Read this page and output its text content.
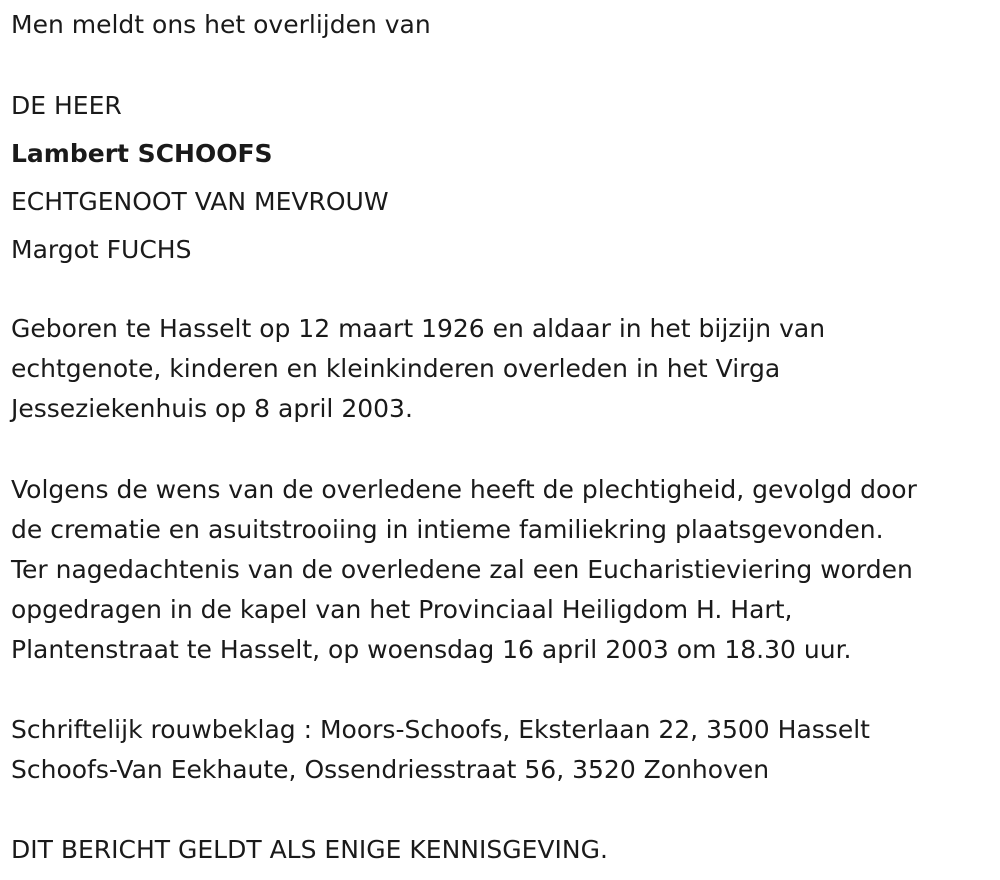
Men meldt ons het overlijden van
DE HEER
Lambert SCHOOFS
ECHTGENOOT VAN MEVROUW
Margot FUCHS
Geboren te Hasselt op 12 maart 1926 en aldaar in het bijzijn van
echtgenote, kinderen en kleinkinderen overleden in het Virga
Jesseziekenhuis op 8 april 2003.
Volgens de wens van de overledene heeft de plechtigheid, gevolgd door
de crematie en asuitstrooiing in intieme familiekring plaatsgevonden.
Ter nagedachtenis van de overledene zal een Eucharistieviering worden
opgedragen in de kapel van het Provinciaal Heiligdom H. Hart,
Plantenstraat te Hasselt, op woensdag 16 april 2003 om 18.30 uur.
Schriftelijk rouwbeklag : Moors-Schoofs, Eksterlaan 22, 3500 Hasselt
Schoofs-Van Eekhaute, Ossendriesstraat 56, 3520 Zonhoven
DIT BERICHT GELDT ALS ENIGE KENNISGEVING.
